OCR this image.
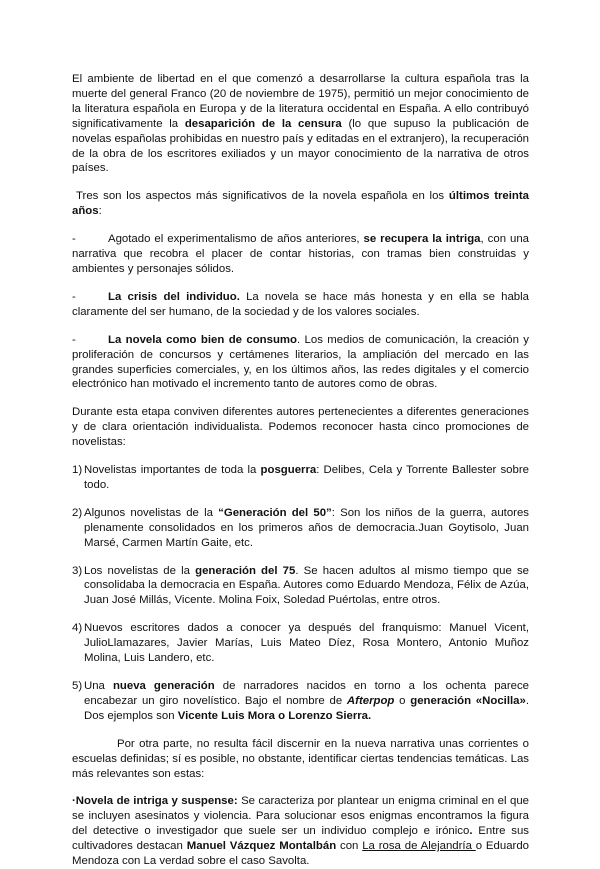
El ambiente de libertad en el que comenzó a desarrollarse la cultura española tras la muerte del general Franco (20 de noviembre de 1975), permitió un mejor conocimiento de la literatura española en Europa y de la literatura occidental en España. A ello contribuyó significativamente la desaparición de la censura (lo que supuso la publicación de novelas españolas prohibidas en nuestro país y editadas en el extranjero), la recuperación de la obra de los escritores exiliados y un mayor conocimiento de la narrativa de otros países.

Tres son los aspectos más significativos de la novela española en los últimos treinta años:

-	Agotado el experimentalismo de años anteriores, se recupera la intriga, con una narrativa que recobra el placer de contar historias, con tramas bien construidas y ambientes y personajes sólidos.

-	La crisis del individuo. La novela se hace más honesta y en ella se habla claramente del ser humano, de la sociedad y de los valores sociales.

-	La novela como bien de consumo. Los medios de comunicación, la creación y proliferación de concursos y certámenes literarios, la ampliación del mercado en las grandes superficies comerciales, y, en los últimos años, las redes digitales y el comercio electrónico han motivado el incremento tanto de autores como de obras.

Durante esta etapa conviven diferentes autores pertenecientes a diferentes generaciones y de clara orientación individualista. Podemos reconocer hasta cinco promociones de novelistas:

1) Novelistas importantes de toda la posguerra: Delibes, Cela y Torrente Ballester sobre todo.
2) Algunos novelistas de la “Generación del 50”: Son los niños de la guerra, autores plenamente consolidados en los primeros años de democracia.Juan Goytisolo, Juan Marsé, Carmen Martín Gaite, etc.
3) Los novelistas de la generación del 75. Se hacen adultos al mismo tiempo que se consolidaba la democracia en España. Autores como Eduardo Mendoza, Félix de Azúa, Juan José Millás, Vicente. Molina Foix, Soledad Puértolas, entre otros.
4) Nuevos escritores dados a conocer ya después del franquismo: Manuel Vicent, JulioLlamazares, Javier Marías, Luis Mateo Díez, Rosa Montero, Antonio Muñoz Molina, Luis Landero, etc.
5) Una nueva generación de narradores nacidos en torno a los ochenta parece encabezar un giro novelístico. Bajo el nombre de Afterpop o generación «Nocilla». Dos ejemplos son Vicente Luis Mora o Lorenzo Sierra.

Por otra parte, no resulta fácil discernir en la nueva narrativa unas corrientes o escuelas definidas; sí es posible, no obstante, identificar ciertas tendencias temáticas. Las más relevantes son estas:

·Novela de intriga y suspense: Se caracteriza por plantear un enigma criminal en el que se incluyen asesinatos y violencia. Para solucionar esos enigmas encontramos la figura del detective o investigador que suele ser un individuo complejo e irónico. Entre sus cultivadores destacan Manuel Vázquez Montalbán con La rosa de Alejandría o Eduardo Mendoza con La verdad sobre el caso Savolta.
